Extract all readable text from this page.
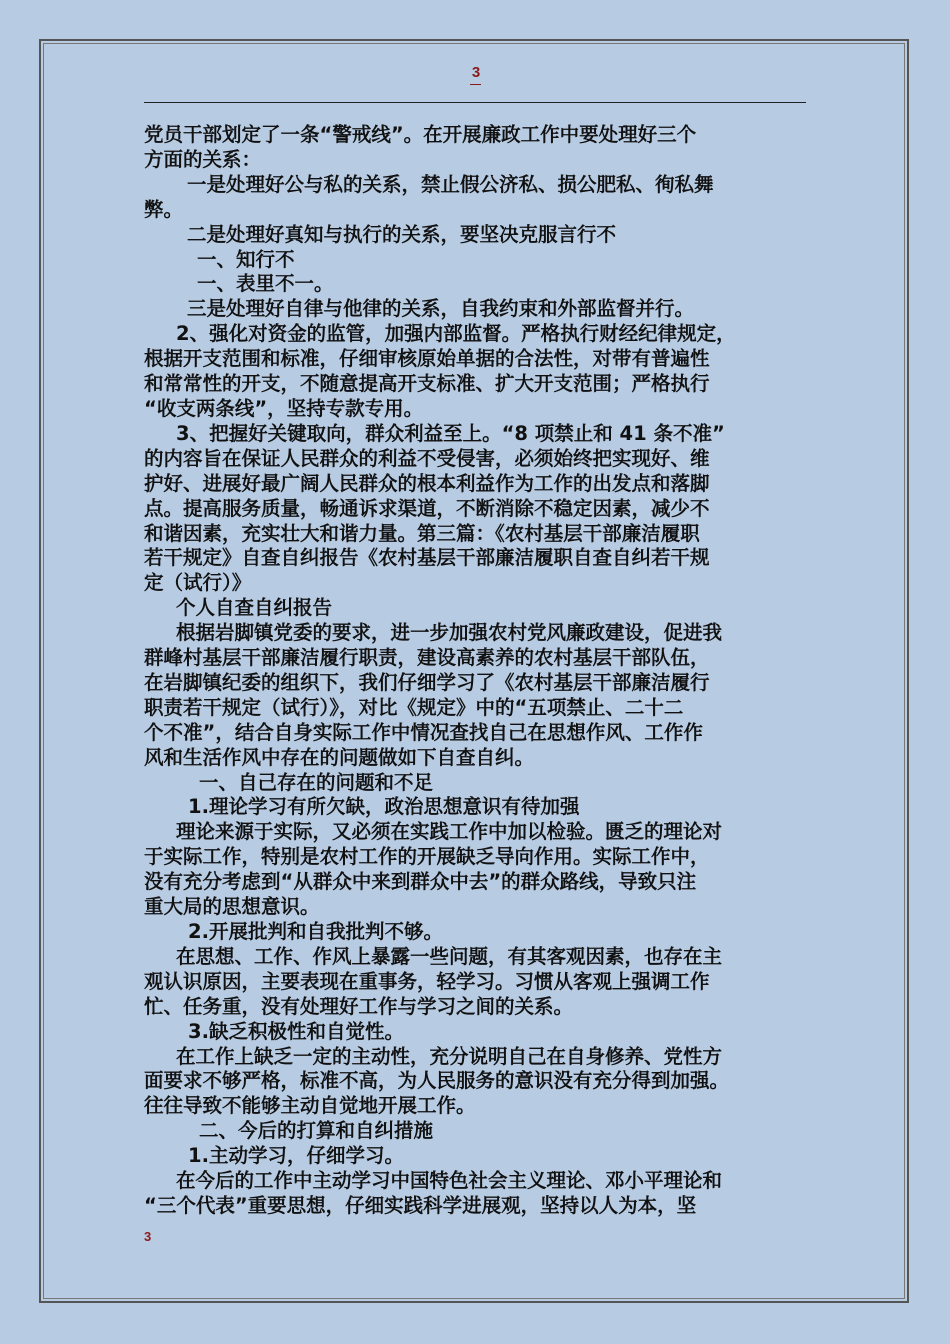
3

党员干部划定了一条“警戒线”。在开展廉政工作中要处理好三个

方面的关系：

一是处理好公与私的关系，禁止假公济私、损公肥私、徇私舞

弊。

二是处理好真知与执行的关系，要坚决克服言行不

一、知行不

一、表里不一。

三是处理好自律与他律的关系，自我约束和外部监督并行。

2、强化对资金的监管，加强内部监督。严格执行财经纪律规定，

根据开支范围和标准，仔细审核原始单据的合法性，对带有普遍性

和常常性的开支，不随意提高开支标准、扩大开支范围；严格执行

“收支两条线”，坚持专款专用。

3、把握好关键取向，群众利益至上。“8 项禁止和 41 条不准”

的内容旨在保证人民群众的利益不受侵害，必须始终把实现好、维

护好、进展好最广阔人民群众的根本利益作为工作的出发点和落脚

点。提高服务质量，畅通诉求渠道，不断消除不稳定因素，减少不

和谐因素，充实壮大和谐力量。第三篇：《农村基层干部廉洁履职

若干规定》自查自纠报告《农村基层干部廉洁履职自查自纠若干规

定（试行）》

个人自查自纠报告

根据岩脚镇党委的要求，进一步加强农村党风廉政建设，促进我

群峰村基层干部廉洁履行职责，建设高素养的农村基层干部队伍，

在岩脚镇纪委的组织下，我们仔细学习了《农村基层干部廉洁履行

职责若干规定（试行）》，对比《规定》中的“五项禁止、二十二

个不准”，结合自身实际工作中情况查找自己在思想作风、工作作

风和生活作风中存在的问题做如下自查自纠。

一、自己存在的问题和不足

1.理论学习有所欠缺，政治思想意识有待加强

理论来源于实际，又必须在实践工作中加以检验。匮乏的理论对

于实际工作，特别是农村工作的开展缺乏导向作用。实际工作中，

没有充分考虑到“从群众中来到群众中去”的群众路线，导致只注

重大局的思想意识。

2.开展批判和自我批判不够。

在思想、工作、作风上暴露一些问题，有其客观因素，也存在主

观认识原因，主要表现在重事务，轻学习。习惯从客观上强调工作

忙、任务重，没有处理好工作与学习之间的关系。

3.缺乏积极性和自觉性。

在工作上缺乏一定的主动性，充分说明自己在自身修养、党性方

面要求不够严格，标准不高，为人民服务的意识没有充分得到加强。

往往导致不能够主动自觉地开展工作。

二、今后的打算和自纠措施

1.主动学习，仔细学习。

在今后的工作中主动学习中国特色社会主义理论、邓小平理论和

“三个代表”重要思想，仔细实践科学进展观，坚持以人为本，坚

3
